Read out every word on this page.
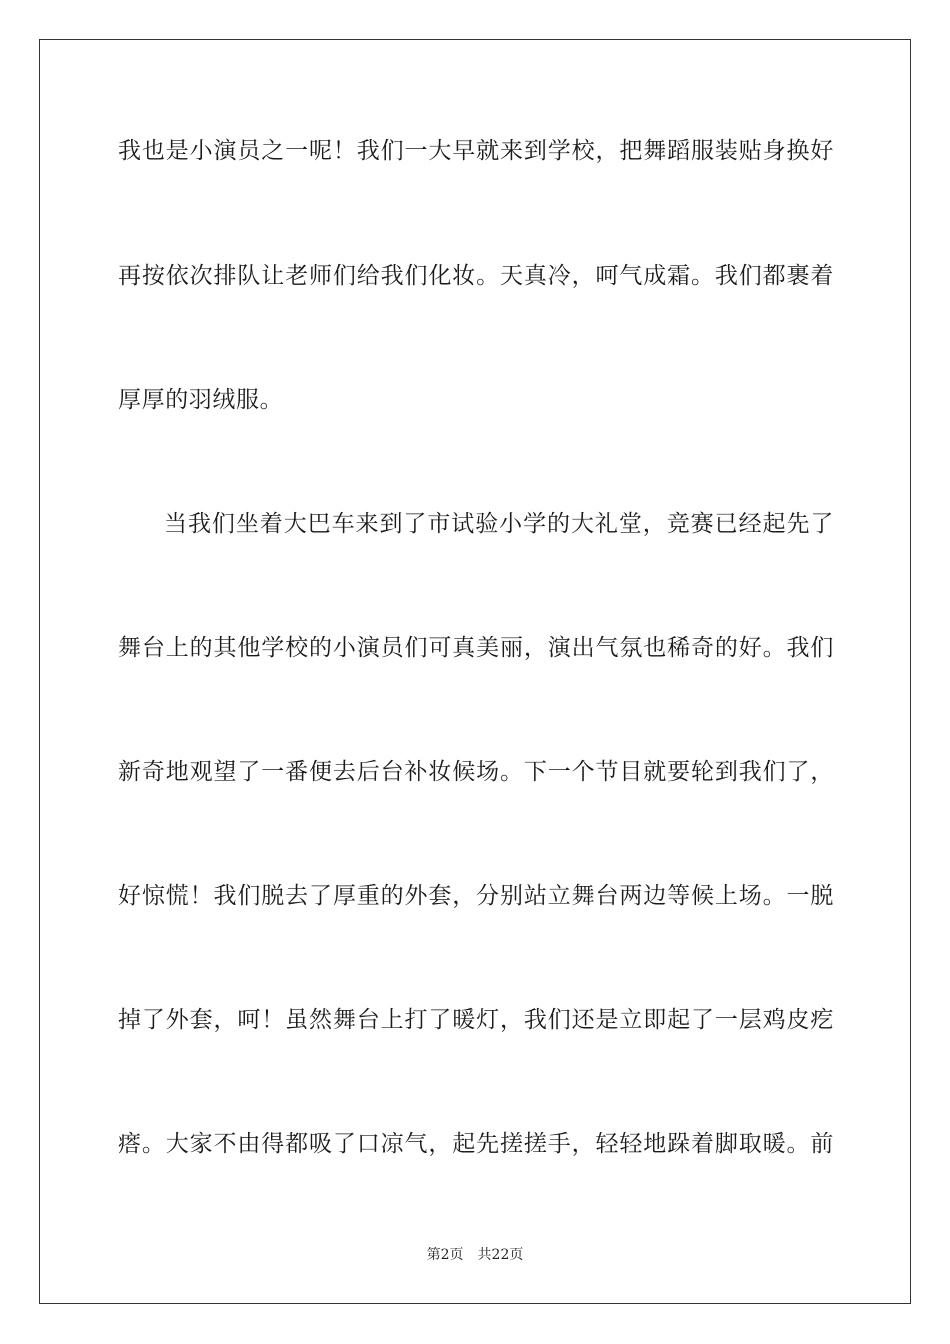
我也是小演员之一呢！我们一大早就来到学校，把舞蹈服装贴身换好
再按依次排队让老师们给我们化妆。天真冷，呵气成霜。我们都裹着
厚厚的羽绒服。
当我们坐着大巴车来到了市试验小学的大礼堂，竞赛已经起先了
舞台上的其他学校的小演员们可真美丽，演出气氛也稀奇的好。我们
新奇地观望了一番便去后台补妆候场。下一个节目就要轮到我们了，
好惊慌！我们脱去了厚重的外套，分别站立舞台两边等候上场。一脱
掉了外套，呵！虽然舞台上打了暖灯，我们还是立即起了一层鸡皮疙
瘩。大家不由得都吸了口凉气，起先搓搓手，轻轻地跺着脚取暖。前
第2页 共22页
